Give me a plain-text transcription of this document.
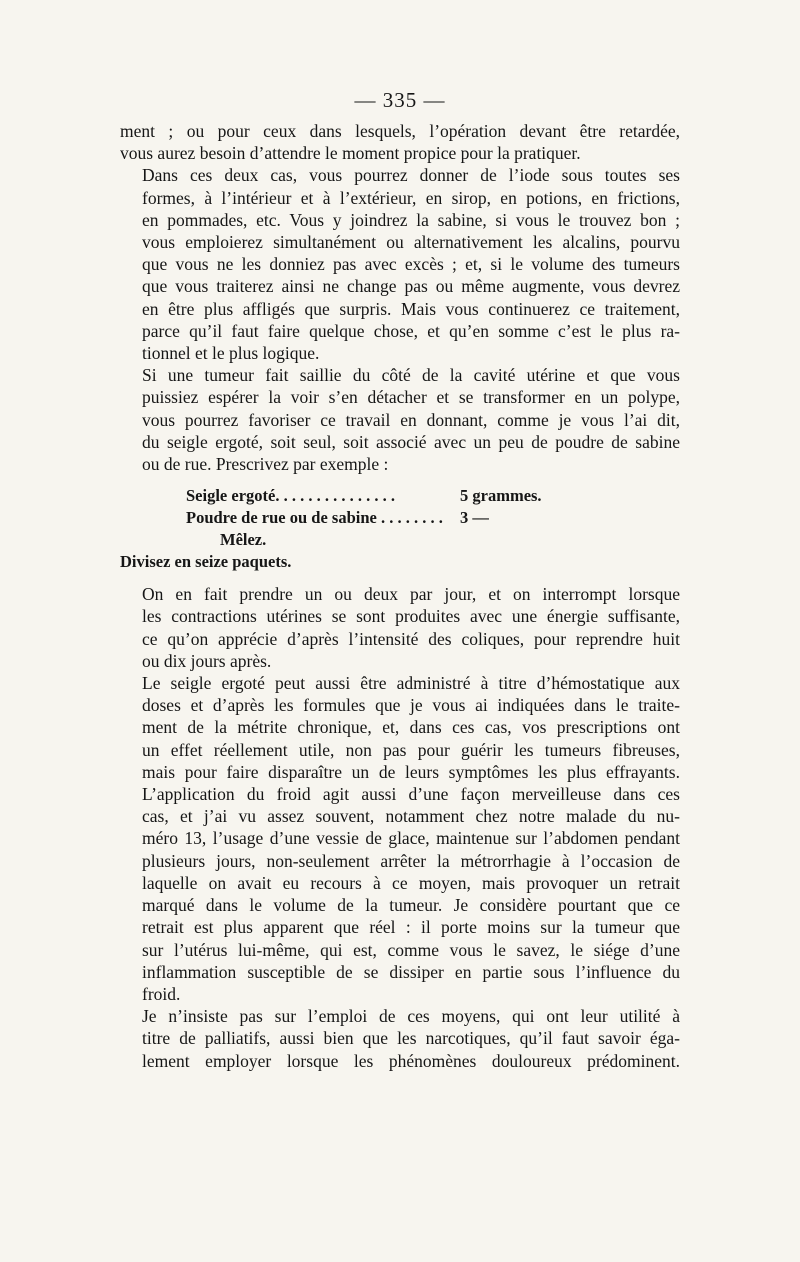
— 335 —

ment ; ou pour ceux dans lesquels, l’opération devant être retardée,
vous aurez besoin d’attendre le moment propice pour la pratiquer.

Dans ces deux cas, vous pourrez donner de l’iode sous toutes ses
formes, à l’intérieur et à l’extérieur, en sirop, en potions, en frictions,
en pommades, etc. Vous y joindrez la sabine, si vous le trouvez bon ;
vous emploierez simultanément ou alternativement les alcalins, pourvu
que vous ne les donniez pas avec excès ; et, si le volume des tumeurs
que vous traiterez ainsi ne change pas ou même augmente, vous devrez
en être plus affligés que surpris. Mais vous continuerez ce traitement,
parce qu’il faut faire quelque chose, et qu’en somme c’est le plus ra-
tionnel et le plus logique.

Si une tumeur fait saillie du côté de la cavité utérine et que vous
puissiez espérer la voir s’en détacher et se transformer en un polype,
vous pourrez favoriser ce travail en donnant, comme je vous l’ai dit,
du seigle ergoté, soit seul, soit associé avec un peu de poudre de sabine
ou de rue. Prescrivez par exemple :

Seigle ergoté. . . . . . . . . . . . . . .	5 grammes.
Poudre de rue ou de sabine . . . . . . . .	3 —
Mêlez.
Divisez en seize paquets.

On en fait prendre un ou deux par jour, et on interrompt lorsque
les contractions utérines se sont produites avec une énergie suffisante,
ce qu’on apprécie d’après l’intensité des coliques, pour reprendre huit
ou dix jours après.

Le seigle ergoté peut aussi être administré à titre d’hémostatique aux
doses et d’après les formules que je vous ai indiquées dans le traite-
ment de la métrite chronique, et, dans ces cas, vos prescriptions ont
un effet réellement utile, non pas pour guérir les tumeurs fibreuses,
mais pour faire disparaître un de leurs symptômes les plus effrayants.

L’application du froid agit aussi d’une façon merveilleuse dans ces
cas, et j’ai vu assez souvent, notamment chez notre malade du nu-
méro 13, l’usage d’une vessie de glace, maintenue sur l’abdomen pendant
plusieurs jours, non-seulement arrêter la métrorrhagie à l’occasion de
laquelle on avait eu recours à ce moyen, mais provoquer un retrait
marqué dans le volume de la tumeur. Je considère pourtant que ce
retrait est plus apparent que réel : il porte moins sur la tumeur que
sur l’utérus lui-même, qui est, comme vous le savez, le siége d’une
inflammation susceptible de se dissiper en partie sous l’influence du
froid.

Je n’insiste pas sur l’emploi de ces moyens, qui ont leur utilité à
titre de palliatifs, aussi bien que les narcotiques, qu’il faut savoir éga-
lement employer lorsque les phénomènes douloureux prédominent.
